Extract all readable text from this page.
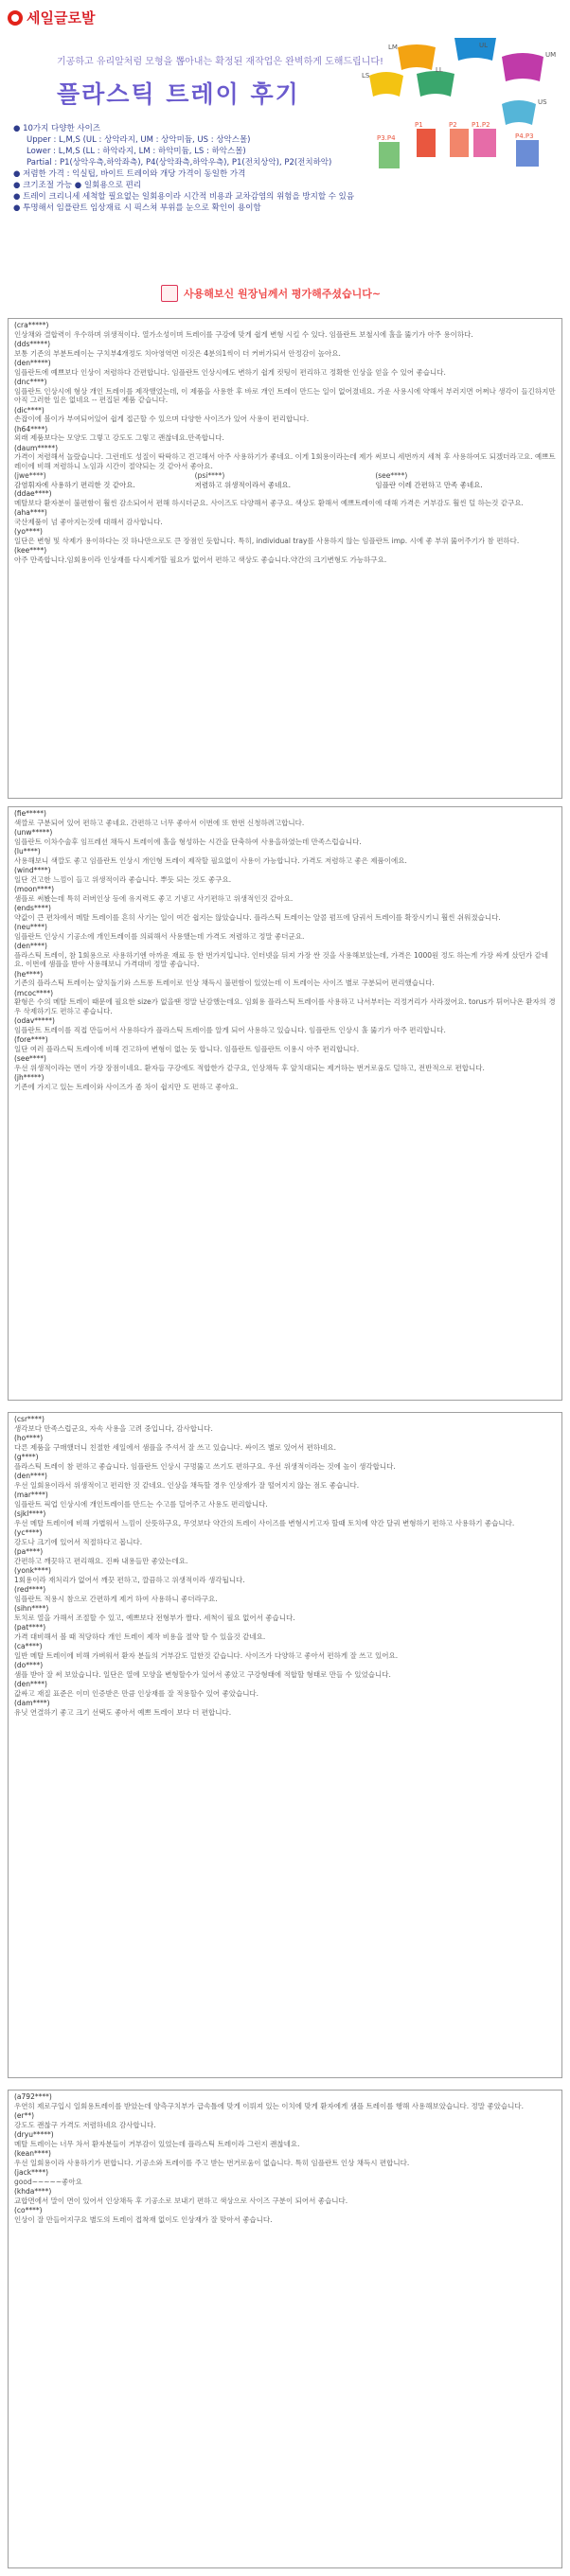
세일글로발
기공하고 유리알처럼 모형을 뽑아내는 확정된 재작업은 완벽하게 도해드립니다!
플라스틱 트레이 후기
LM
LS
UM
US
UL
LL
P1	P2 P1.P2
P3.P4	P4.P3
● 10가지 다양한 사이즈
Upper : L,M,S (UL : 상악라지, UM : 상악미듐, US : 상악스몰)
Lower : L,M,S (LL : 하악라지, LM : 하악미듐, LS : 하악스몰)
Partial : P1(상악우측,하악좌측), P4(상악좌측,하악우측), P1(전치상악), P2(전치하악)
● 저렴한 가격 : 익실팁, 바이트 트레이와 개당 가격이 동일한 가격
● 크기조절 가능 ● 일회용으로 편리
● 트레이 크리니세 세척할 필요없는 일회용이라 시간적 비용과 교차감염의 위험을 방지할 수 있음
● 투명해서 임플란트 임상재료 시 픽스쳐 부위를 눈으로 확인이 용이함
사용해보신 원장님께서 평가해주셨습니다~
(cra*****)
인상채와 결합력이 우수하며 위생적이다. 열가소성이며 트레이를 구강에 맞게 쉽게 변형 시킬 수 있다. 임플란트 보철시에 홀을 뚫기가 아주 용이하다.
(dds*****)
보통 기존의 부분트레이는 구치부4개정도 치아영역면 이것은 4분의1씩이 더 커버가되서 안정감이 높아요.
(den*****)
임플란트에 예쁘보다 인상이 저렴하다 간편합니다. 임플란트 인상시에도 변하기 쉽게 컷팅이 편리하고 정확한 인상을 얻을 수 있어 좋습니다.
(dnc****)
임플란트 인상시에 형상 개인 트레이를 제작했었는데, 이 제품을 사용한 후 바로 개인 트레이 만드는 일이 없어졌네요. 가운 사용시에 약해서 부러지면 어쩌나 생각이 들긴하지만 아직 그러한 일은 없네요 -- 편집된 제품 같습니다.
(dic****)
손잡이에 볼이가 부여되어있어 쉽게 접근할 수 있으며 다양한 사이즈가 있어 사용이 편리합니다.
(h64****)
외래 제품보다는 모양도 그렇고 강도도 그렇고 괜찮네요.만족합니다.
(daum*****)
가격이 저렴해서 놀랐습니다. 그런데도 성질이 딱딱하고 견고해서 아주 사용하기가 좋네요. 이게 1회용이라는데 제가 써보니 세번까지 세척 후 사용하여도 되겠더라고요. 예쁘트레이에 비해 저렴하니 노임과 시간이 절약되는 것 같아서 좋아요.
(jwe****)
감염휘자에 사용하기 편리한 것 같아요.
(psi****)
저렴하고 위생적이라서 좋네요.
(see****)
임플란 이레 간편하고 만족 좋네요.
(ddae****)
메탈보다 환자분이 불편함이 훨씬 감소되어서 편해 하시더군요. 사이즈도 다양해서 좋구요. 색상도 환해서 예쁘트레이에 대해 가격은 거부감도 훨씬 덜 하는것 같구요.
(aha****)
국산제품이 넘 좋아지는것에 대해서 감사합니다.
(yo****)
일단은 변형 및 삭제가 용이하다는 것 하나만으로도 큰 장점인 듯합니다. 특히, individual tray를 사용하지 않는 임플란트 imp. 시에 좋 부위 뚫어주기가 참 편하다.
(kee****)
아주 만족합니다.임회용이라 인상재를 다시제거할 필요가 없어서 편하고 색상도 좋습니다.약간의 크기변형도 가능하구요.
(fie*****)
색깔로 구분되어 있어 편하고 좋네요. 간편하고 너무 좋아서 이번에 또 한번 신청하려고합니다.
(unw*****)
임플란트 이차수술후 임프레션 채득시 트레이에 홀을 형성하는 시간을 단축하여 사용을하였는데 만족스럽습니다.
(lu****)
사용해보니 색깔도 좋고 임플란트 인상시 개인형 트레이 제작할 필요없이 사용이 가능합니다. 가격도 저렴하고 좋은 제품이에요.
(wind****)
일단 건고한 느낌이 들고 위생적이라 좋습니다. 뿌듯 되는 것도 좋구요.
(moon****)
샘플로 써봤는데 특히 러버인상 등에 유지력도 좋고 기냉고 사기편하고 위생적인것 같아요.
(ends****)
약값이 큰 편차에서 메탈 트레이를 흔히 사기는 일이 여간 쉽지는 않았습니다. 플라스틱 트레이는 알콜 펌프에 담궈서 트레이를 확장시키니 훨씬 쉬워졌습니다.
(neu****)
임플란트 인상시 기공소에 개인트레이를 의뢰해서 사용했는데 가격도 저렴하고 정말 좋더군요.
(den****)
플라스틱 트레이, 참 1회용으로 사용하기엔 아까운 재료 등 한 번가지입니다. 인터넷을 뒤져 가장 싼 것을 사용해보았는데, 가격은 1000원 정도 하는게 가장 싸게 샀던가 같네요. 이번에 샘플을 받아 사용해보니 가격대비 정말 좋습니다.
(he****)
기존의 플라스틱 트레이는 앞치돌기와 스트롱 트레이로 인상 채득시 불편함이 있었는데 이 트레이는 사이즈 별로 구분되어 편리했습니다.
(mcoc****)
환형은 수의 메탈 트레이 때문에 필요한 size가 없을땐 정말 난감했는데요. 임회용 플라스틱 트레이를 사용하고 나서부터는 걱정거리가 사라졌어요. torus가 튀어나온 환자의 경우 삭제하기도 편하고 좋습니다.
(odav*****)
임플란트 트레이를 직접 만들어서 사용하다가 플라스틱 트레이를 알게 되어 사용하고 있습니다. 임플란트 인상시 홀 뚫기가 아주 편리합니다.
(fore****)
일단 여러 플라스틱 트레이에 비해 견고하여 변형이 없는 듯 합니다. 임플란트 임플란트 이용시 아주 편리합니다.
(see****)
우선 위생적이라는 면이 가장 장점이네요. 환자들 구강에도 적합한가 같구요, 인상채득 후 앞치대되는 제거하는 번거로움도 덜하고, 전반적으로 편합니다.
(jh*****)
기존에 가지고 있는 트레이와 사이즈가 좀 차이 쉽지만 도 편하고 좋아요.
(csr****)
생각보다 만족스럽군요, 자속 사용을 고려 중입니다, 감사합니다.
(ho****)
다른 제품을 구매했더니 친절한 세일에서 샘플을 주셔서 잘 쓰고 있습니다. 싸이즈 별로 있어서 편하네요.
(g****)
플라스틱 트레이 참 편하고 좋습니다. 임플란트 인상시 구멍뚫고 쓰기도 편하구요. 우선 위생적이라는 것에 높이 생각합니다.
(den****)
우선 일회용이라서 위생적이고 편리한 것 같네요. 인상을 채득할 경우 인상재가 잘 떨어지지 않는 점도 좋습니다.
(mar****)
임플란트 픽업 인상시에 개인트레이를 만드는 수고를 덜어주고 사용도 편리합니다.
(sjkl****)
우선 메탈 트레이에 비해 가볍워서 느낌이 산뜻하구요, 무엇보다 약간의 트레이 사이즈를 변형시키고자 할때 토치에 약간 달궈 변형하기 편하고 사용하기 좋습니다.
(yc****)
강도나 크기에 있어서 적절하다고 봅니다.
(pa****)
간편하고 깨끗하고 편리해요. 진짜 내용들만 좋았는데요.
(yonk****)
1회용이라 재처리가 없어서 깨끗 편하고, 깔끔하고 위생적이라 생각됩니다.
(red****)
임플란트 적용시 참으로 간편하게 제거 하여 사용하니 좋더라구요.
(sihn****)
토치로 열을 가해서 조절할 수 있고, 예쁘보다 전형부가 짤다. 세척이 필요 없어서 좋습니다.
(pat****)
가격 대비해서 볼 때 적당하다 개인 트레이 제작 비용을 절약 할 수 있을것 같네요.
(ca****)
일반 메탈 트레이에 비해 가벼워서 환자 분들의 거부감도 덜한것 같습니다. 사이즈가 다양하고 좋아서 편하게 잘 쓰고 있어요.
(do****)
샘플 받아 잘 써 보았습니다. 일단은 열에 모양을 변형할수가 있어서 좋았고 구강형태에 적합할 형태로 만들 수 있었습니다.
(den****)
값싸고 재질 표준은 이미 인증받은 만큼 인상재를 잘 적용할수 있어 좋았습니다.
(dam****)
유닛 연결하기 좋고 크기 선택도 좋아서 예쁘 트레이 보다 더 편합니다.
(a792****)
우연히 제로구입시 일회용트레이를 받았는데 양측구치부가 급속틀에 맞게 이뤄져 있는 이치에 맞게 환자에게 샘플 트레이를 행해 사용해보았습니다. 정말 좋았습니다.
(er**)
강도도 괜찮구 가격도 저렴하네요 감사합니다.
(dryu*****)
메탈 트레이는 너무 차서 환자분들이 거부감이 있었는데 플라스틱 트레이라 그런지 괜찮네요.
(kean****)
우선 일회용이라 사용하기가 편합니다. 기공소와 트레이를 주고 받는 번거로움이 없습니다. 특히 임플란트 인상 채득시 편합니다.
(jack****)
good~~~~~좋아요
(khda****)
교합면에서 말이 면이 있어서 인상채득 후 기공소로 보내기 편하고 색상으로 사이즈 구분이 되어서 좋습니다.
(co****)
인상이 잘 만들어지구요 별도의 트레이 접착재 없이도 인상재가 잘 맞아서 좋습니다.
